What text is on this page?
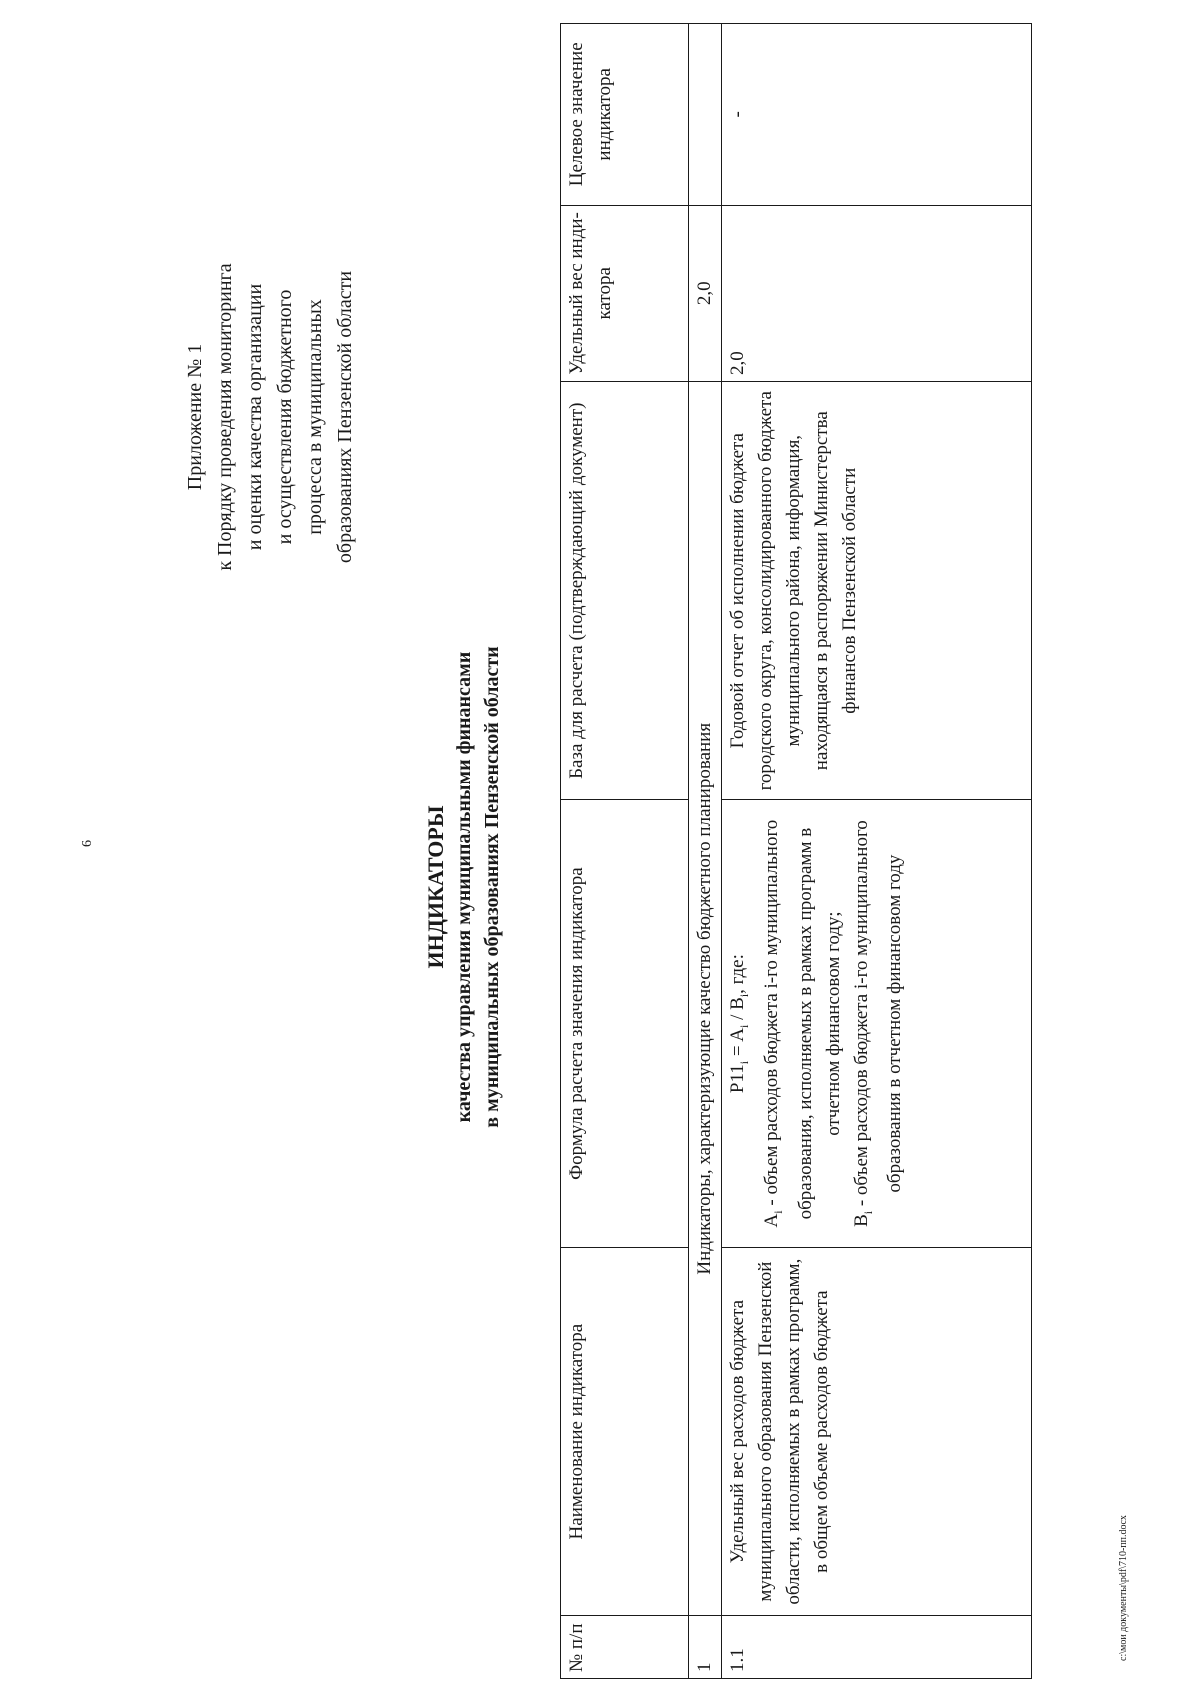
6
Приложение № 1 к Порядку проведения мониторинга и оценки качества организации и осуществления бюджетного процесса в муниципальных образованиях Пензенской области
ИНДИКАТОРЫ качества управления муниципальными финансами в муниципальных образованиях Пензенской области
№ п/п	Наименование индикатора	Формула расчета значения индикатора	База для расчета (подтверждающий документ)	Удельный вес инди-катора	Целевое значение индикатора
1	Индикаторы, характеризующие качество бюджетного планирования			2,0	
1.1	Удельный вес расходов бюджета муниципального образования Пензенской области, исполняемых в рамках программ, в общем объеме расходов бюджета	$P11_i = A_i / B_i$, где:
$A_i$ - объем расходов бюджета i-го муниципального образования, исполняемых в рамках программ в отчетном финансовом году;
$B_i$ - объем расходов бюджета i-го муниципального образования в отчетном финансовом году	Годовой отчет об исполнении бюджета городского округа, консолидированного бюджета муниципального района, информация, находящаяся в распоряжении Министерства финансов Пензенской области	2,0	-
c:\мои документы\pdf\710-пп.docx
